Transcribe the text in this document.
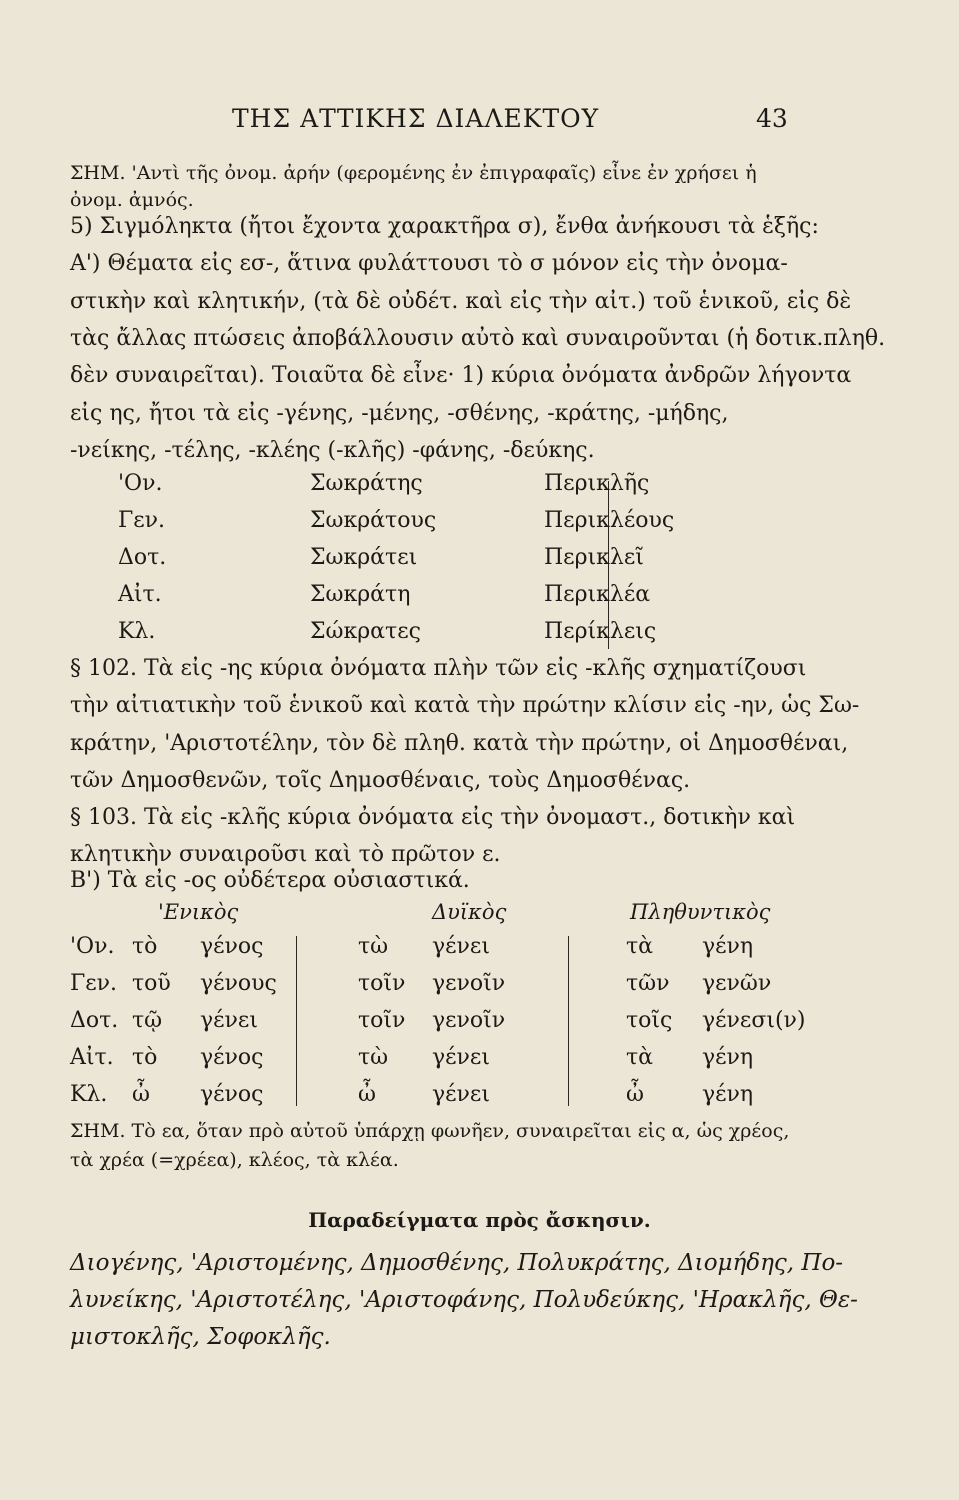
ΤΗΣ ΑΤΤΙΚΗΣ ΔΙΑΛΕΚΤΟΥ	43
ΣΗΜ. 'Αντὶ τῆς ὀνομ. ἀρήν (φερομένης ἐν ἐπιγραφαῖς) εἶνε ἐν χρήσει ἡ
ὀνομ. ἀμνός.
5) Σιγμόληκτα (ἤτοι ἔχοντα χαρακτῆρα σ), ἔνθα ἀνήκουσι τὰ ἑξῆς:
Α') Θέματα εἰς εσ-, ἅτινα φυλάττουσι τὸ σ μόνον εἰς τὴν ὀνομα-
στικὴν καὶ κλητικήν, (τὰ δὲ οὐδέτ. καὶ εἰς τὴν αἰτ.) τοῦ ἑνικοῦ, εἰς δὲ
τὰς ἄλλας πτώσεις ἀποβάλλουσιν αὐτὸ καὶ συναιροῦνται (ἡ δοτικ.πληθ.
δὲν συναιρεῖται). Τοιαῦτα δὲ εἶνε· 1) κύρια ὀνόματα ἀνδρῶν λήγοντα
εἰς ης, ἤτοι τὰ εἰς -γένης, -μένης, -σθένης, -κράτης, -μήδης,
-νείκης, -τέλης, -κλέης (-κλῆς) -φάνης, -δεύκης.
'Ον.	Σωκράτης	Περικλῆς
Γεν.	Σωκράτους	Περικλέους
Δοτ.	Σωκράτει	Περικλεῖ
Αἰτ.	Σωκράτη	Περικλέα
Κλ.	Σώκρατες	Περίκλεις
§ 102. Τὰ εἰς -ης κύρια ὀνόματα πλὴν τῶν εἰς -κλῆς σχηματίζουσι
τὴν αἰτιατικὴν τοῦ ἑνικοῦ καὶ κατὰ τὴν πρώτην κλίσιν εἰς -ην, ὡς Σω-
κράτην, 'Αριστοτέλην, τὸν δὲ πληθ. κατὰ τὴν πρώτην, οἱ Δημοσθέναι,
τῶν Δημοσθενῶν, τοῖς Δημοσθέναις, τοὺς Δημοσθένας.
§ 103. Τὰ εἰς -κλῆς κύρια ὀνόματα εἰς τὴν ὀνομαστ., δοτικὴν καὶ
κλητικὴν συναιροῦσι καὶ τὸ πρῶτον ε.
Β') Τὰ εἰς -ος οὐδέτερα οὐσιαστικά.
'Ενικὸς	Δυϊκὸς	Πληθυντικὸς
'Ον. τὸ γένος	τὼ γένει	τὰ γένη
Γεν. τοῦ γένους	τοῖν γενοῖν	τῶν γενῶν
Δοτ. τῷ γένει	τοῖν γενοῖν	τοῖς γένεσι(ν)
Αἰτ. τὸ γένος	τὼ γένει	τὰ γένη
Κλ. ὦ γένος	ὦ	γένει	ὦ	γένη
ΣΗΜ. Τὸ εα, ὅταν πρὸ αὐτοῦ ὑπάρχῃ φωνῆεν, συναιρεῖται εἰς α, ὡς χρέος,
τὰ χρέα (=χρέεα), κλέος, τὰ κλέα.
Παραδείγματα πρὸς ἄσκησιν.
Διογένης, 'Αριστομένης, Δημοσθένης, Πολυκράτης, Διομήδης, Πο-
λυνείκης, 'Αριστοτέλης, 'Αριστοφάνης, Πολυδεύκης, 'Ηρακλῆς, Θε-
μιστοκλῆς, Σοφοκλῆς.
